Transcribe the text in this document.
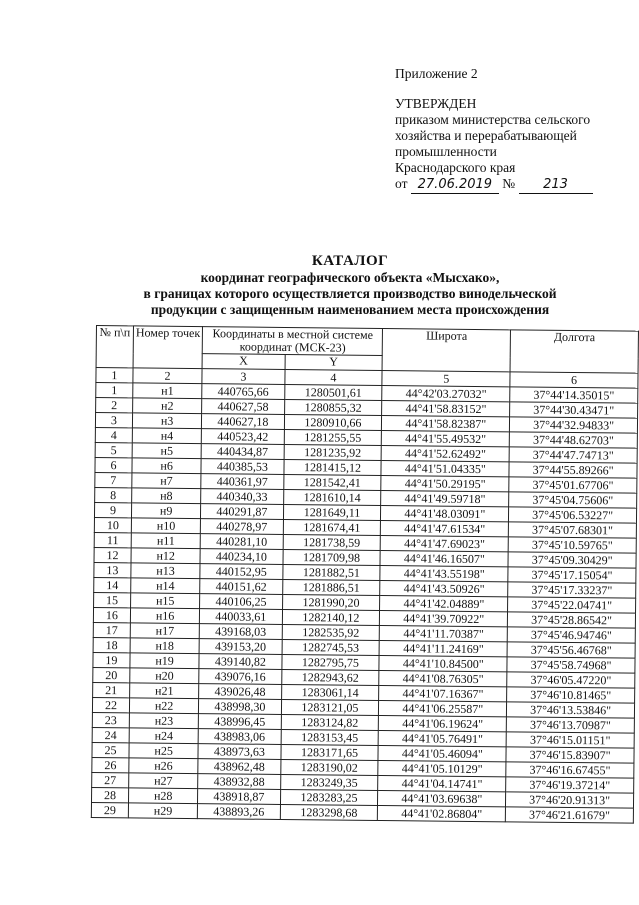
Приложение 2
УТВЕРЖДЕН
приказом министерства сельского
хозяйства и перерабатывающей
промышленности
Краснодарского края
от 27.06.2019 № 213
КАТАЛОГ
координат географического объекта «Мысхако»,
в границах которого осуществляется производство винодельческой
продукции с защищенным наименованием места происхождения
№ п\п	Номер точек	Координаты в местной системе координат (МСК-23)		Широта	Долгота
		X	Y		
1	2	3	4	5	6
1	н1	440765,66	1280501,61	44°42'03.27032"	37°44'14.35015"
2	н2	440627,58	1280855,32	44°41'58.83152"	37°44'30.43471"
3	н3	440627,18	1280910,66	44°41'58.82387"	37°44'32.94833"
4	н4	440523,42	1281255,55	44°41'55.49532"	37°44'48.62703"
5	н5	440434,87	1281235,92	44°41'52.62492"	37°44'47.74713"
6	н6	440385,53	1281415,12	44°41'51.04335"	37°44'55.89266"
7	н7	440361,97	1281542,41	44°41'50.29195"	37°45'01.67706"
8	н8	440340,33	1281610,14	44°41'49.59718"	37°45'04.75606"
9	н9	440291,87	1281649,11	44°41'48.03091"	37°45'06.53227"
10	н10	440278,97	1281674,41	44°41'47.61534"	37°45'07.68301"
11	н11	440281,10	1281738,59	44°41'47.69023"	37°45'10.59765"
12	н12	440234,10	1281709,98	44°41'46.16507"	37°45'09.30429"
13	н13	440152,95	1281882,51	44°41'43.55198"	37°45'17.15054"
14	н14	440151,62	1281886,51	44°41'43.50926"	37°45'17.33237"
15	н15	440106,25	1281990,20	44°41'42.04889"	37°45'22.04741"
16	н16	440033,61	1282140,12	44°41'39.70922"	37°45'28.86542"
17	н17	439168,03	1282535,92	44°41'11.70387"	37°45'46.94746"
18	н18	439153,20	1282745,53	44°41'11.24169"	37°45'56.46768"
19	н19	439140,82	1282795,75	44°41'10.84500"	37°45'58.74968"
20	н20	439076,16	1282943,62	44°41'08.76305"	37°46'05.47220"
21	н21	439026,48	1283061,14	44°41'07.16367"	37°46'10.81465"
22	н22	438998,30	1283121,05	44°41'06.25587"	37°46'13.53846"
23	н23	438996,45	1283124,82	44°41'06.19624"	37°46'13.70987"
24	н24	438983,06	1283153,45	44°41'05.76491"	37°46'15.01151"
25	н25	438973,63	1283171,65	44°41'05.46094"	37°46'15.83907"
26	н26	438962,48	1283190,02	44°41'05.10129"	37°46'16.67455"
27	н27	438932,88	1283249,35	44°41'04.14741"	37°46'19.37214"
28	н28	438918,87	1283283,25	44°41'03.69638"	37°46'20.91313"
29	н29	438893,26	1283298,68	44°41'02.86804"	37°46'21.61679"
